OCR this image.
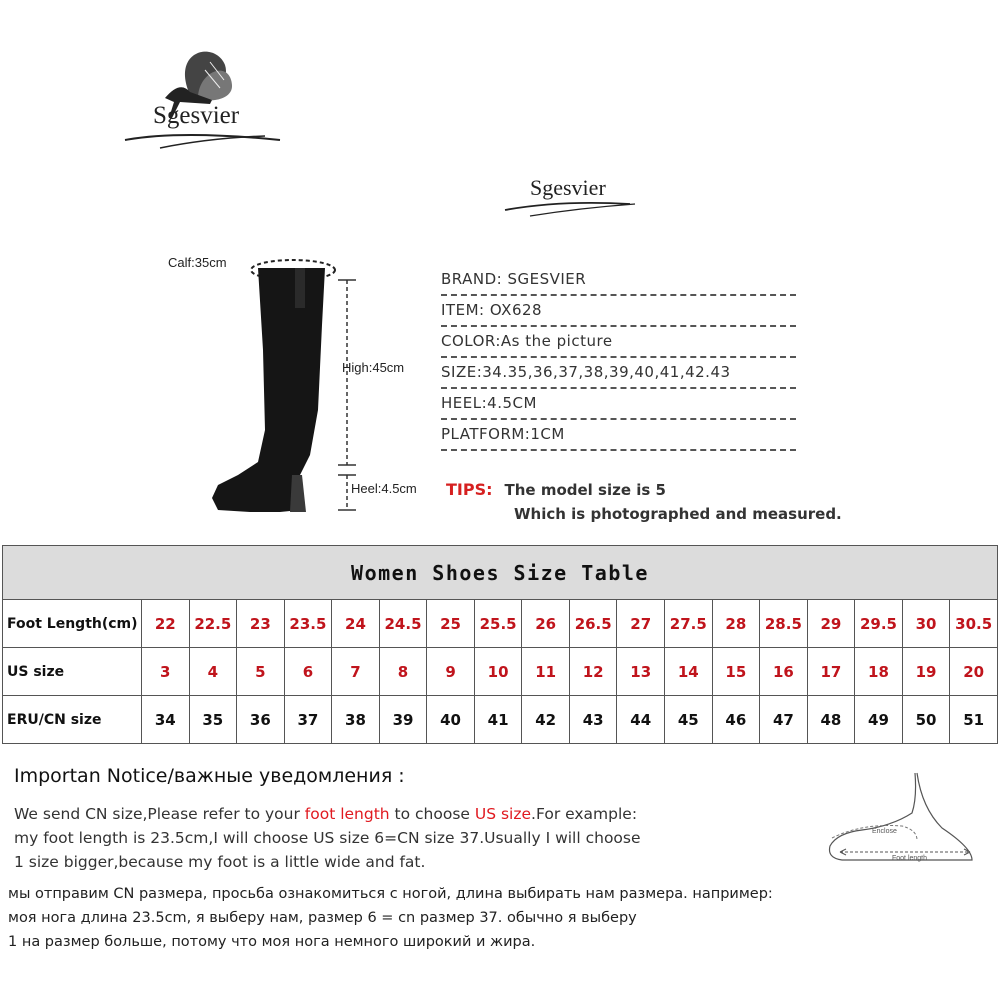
Sgesvier
Sgesvier
Calf:35cm
High:45cm
Heel:4.5cm
BRAND: SGESVIER
ITEM: OX628
COLOR:As the picture
SIZE:34.35,36,37,38,39,40,41,42.43
HEEL:4.5CM
PLATFORM:1CM
TIPS: The model size is 5
Which is photographed and measured.
Women Shoes Size Table																		
Foot Length(cm)	22	22.5	23	23.5	24	24.5	25	25.5	26	26.5	27	27.5	28	28.5	29	29.5	30	30.5
US size	3	4	5	6	7	8	9	10	11	12	13	14	15	16	17	18	19	20
ERU/CN size	34	35	36	37	38	39	40	41	42	43	44	45	46	47	48	49	50	51
Importan Notice/важные уведомления :
We send CN size,Please refer to your foot length to choose US size.For example:
my foot length is 23.5cm,I will choose US size 6=CN size 37.Usually I will choose
1 size bigger,because my foot is a little wide and fat.
мы отправим CN размера, просьба ознакомиться с ногой, длина выбирать нам размера. например:
моя нога длина 23.5cm, я выберу нам, размер 6 = cn размер 37. обычно я выберу
1 на размер больше, потому что моя нога немного широкий и жира.
Enclose
Foot length
